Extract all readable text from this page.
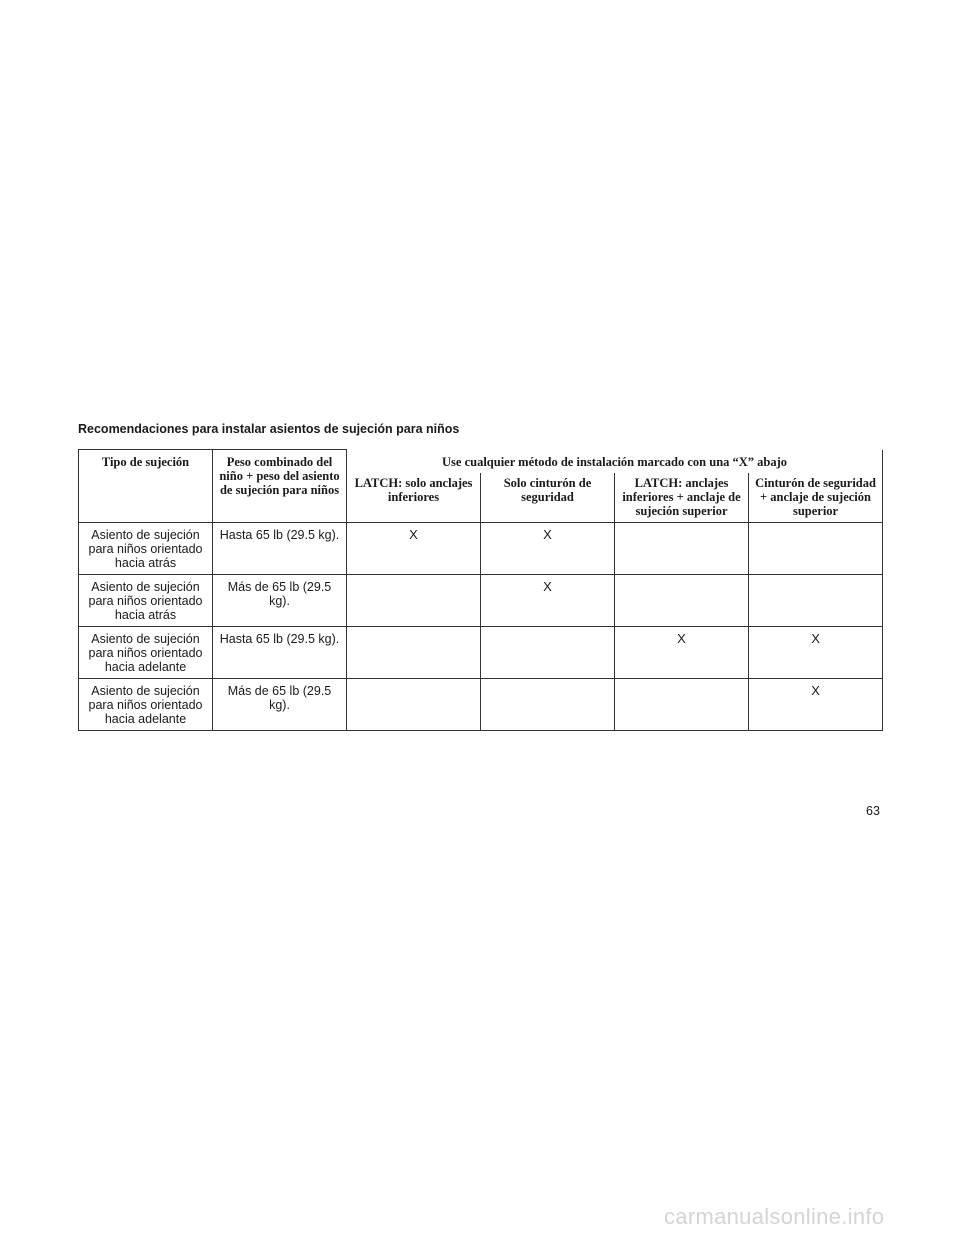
Recomendaciones para instalar asientos de sujeción para niños
Tipo de sujeción	Peso combinado del niño + peso del asiento de sujeción para niños	Use cualquier método de instalación marcado con una “X” abajo			
		LATCH: solo anclajes inferiores	Solo cinturón de seguridad	LATCH: anclajes inferiores + anclaje de sujeción superior	Cinturón de seguridad + anclaje de sujeción superior
Asiento de sujeción para niños orientado hacia atrás	Hasta 65 lb (29.5 kg).	X	X		
Asiento de sujeción para niños orientado hacia atrás	Más de 65 lb (29.5 kg).		X		
Asiento de sujeción para niños orientado hacia adelante	Hasta 65 lb (29.5 kg).			X	X
Asiento de sujeción para niños orientado hacia adelante	Más de 65 lb (29.5 kg).				X
63
carmanualsonline.info
